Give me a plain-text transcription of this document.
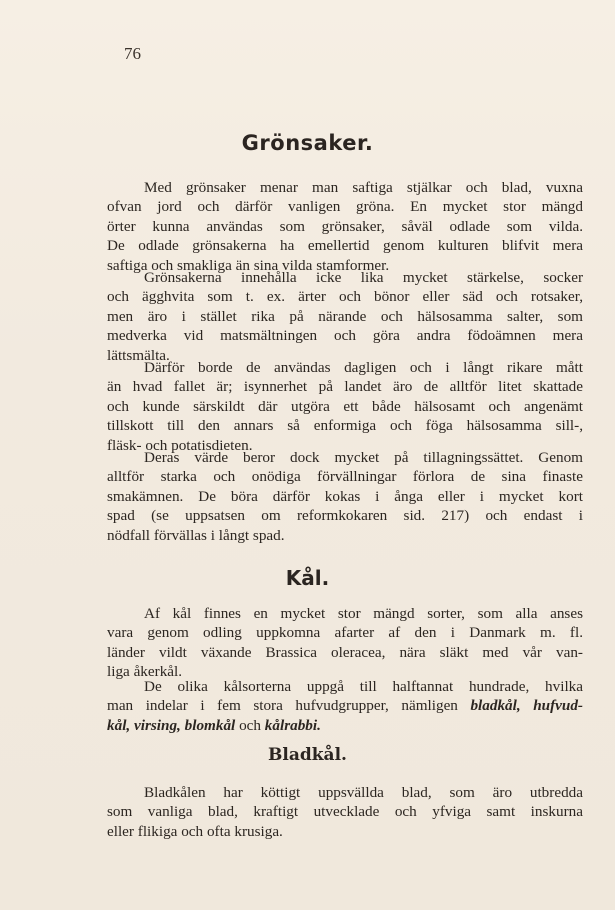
76
Grönsaker.
Med grönsaker menar man saftiga stjälkar och blad, vuxna
ofvan jord och därför vanligen gröna. En mycket stor mängd
örter kunna användas som grönsaker, såväl odlade som vilda.
De odlade grönsakerna ha emellertid genom kulturen blifvit mera
saftiga och smakliga än sina vilda stamformer.
Grönsakerna innehålla icke lika mycket stärkelse, socker
och ägghvita som t. ex. ärter och bönor eller säd och rotsaker,
men äro i stället rika på närande och hälsosamma salter, som
medverka vid matsmältningen och göra andra födoämnen mera
lättsmälta.
Därför borde de användas dagligen och i långt rikare mått
än hvad fallet är; isynnerhet på landet äro de alltför litet skattade
och kunde särskildt där utgöra ett både hälsosamt och angenämt
tillskott till den annars så enformiga och föga hälsosamma sill-,
fläsk- och potatisdieten.
Deras värde beror dock mycket på tillagningssättet. Genom
alltför starka och onödiga förvällningar förlora de sina finaste
smakämnen. De böra därför kokas i ånga eller i mycket kort
spad (se uppsatsen om reformkokaren sid. 217) och endast i
nödfall förvällas i långt spad.
Kål.
Af kål finnes en mycket stor mängd sorter, som alla anses
vara genom odling uppkomna afarter af den i Danmark m. fl.
länder vildt växande Brassica oleracea, nära släkt med vår van-
liga åkerkål.
De olika kålsorterna uppgå till halftannat hundrade, hvilka
man indelar i fem stora hufvudgrupper, nämligen bladkål, hufvud-
kål, virsing, blomkål och kålrabbi.
Bladkål.
Bladkålen har köttigt uppsvällda blad, som äro utbredda
som vanliga blad, kraftigt utvecklade och yfviga samt inskurna
eller flikiga och ofta krusiga.
